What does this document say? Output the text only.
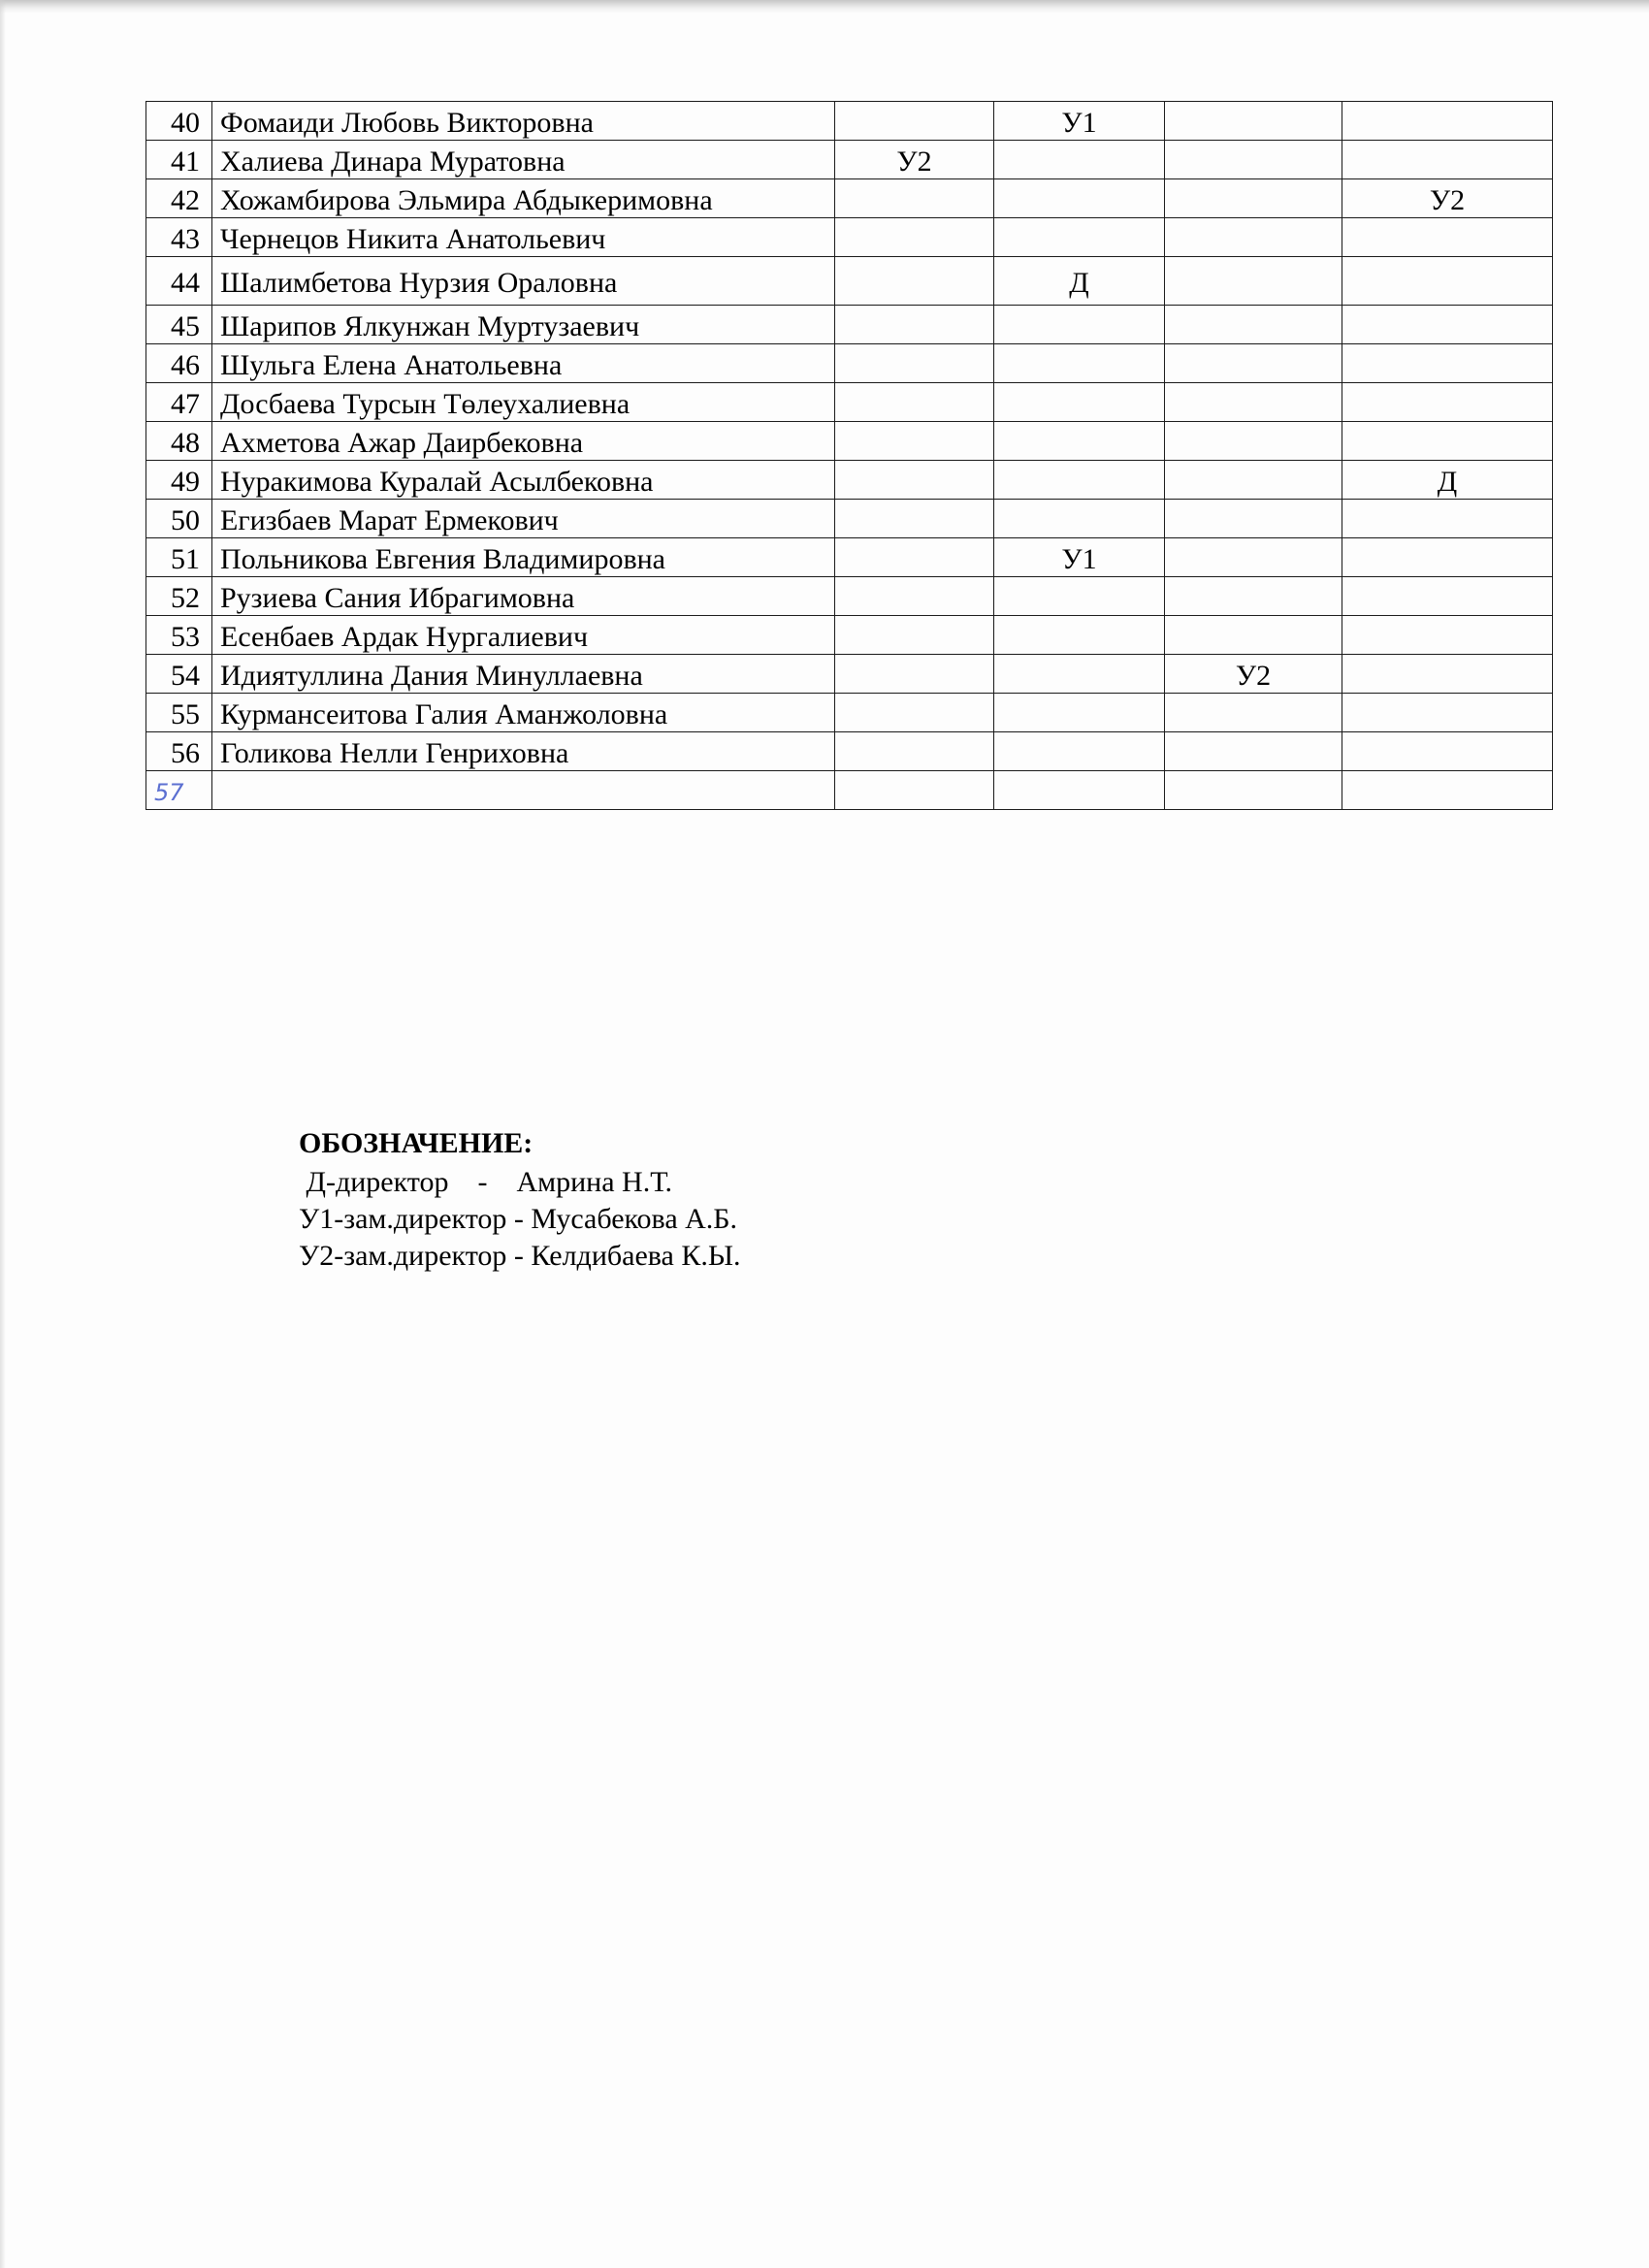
40	Фомаиди Любовь Викторовна		У1		
41	Халиева Динара Муратовна	У2			
42	Хожамбирова Эльмира Абдыкеримовна				У2
43	Чернецов Никита Анатольевич				
44	Шалимбетова Нурзия Ораловна		Д		
45	Шарипов Ялкунжан Муртузаевич				
46	Шульга Елена Анатольевна				
47	Досбаева Турсын Төлеухалиевна				
48	Ахметова Ажар Даирбековна				
49	Нуракимова Куралай Асылбековна				Д
50	Егизбаев Марат Ермекович				
51	Польникова Евгения Владимировна		У1		
52	Рузиева Сания Ибрагимовна				
53	Есенбаев Ардак Нургалиевич				
54	Идиятуллина Дания Минуллаевна			У2	
55	Курмансеитова Галия Аманжоловна				
56	Голикова Нелли Генриховна				
57					
ОБОЗНАЧЕНИЕ:
Д-директор    -    Амрина Н.Т.
У1-зам.директор - Мусабекова А.Б.
У2-зам.директор - Келдибаева К.Ы.
